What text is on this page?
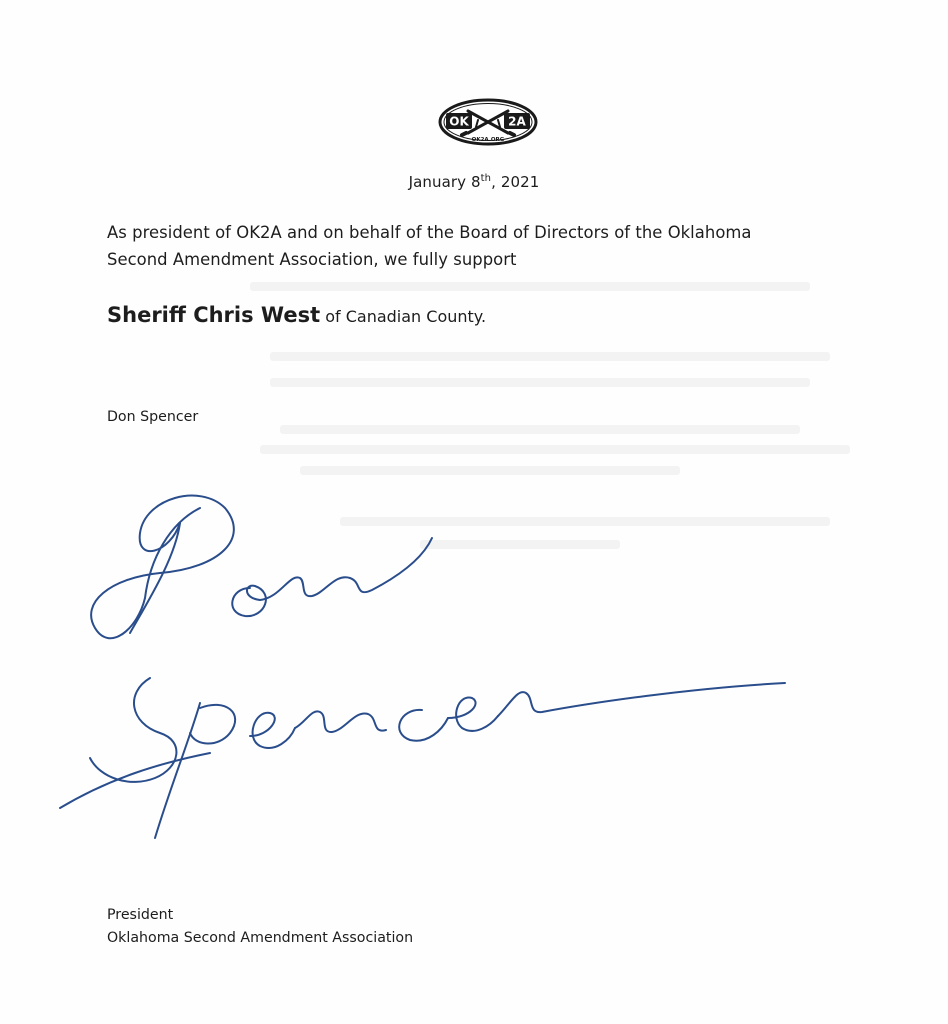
OK	2A
OK2A.ORG
January 8th, 2021

As president of OK2A and on behalf of the Board of Directors of the Oklahoma
Second Amendment Association, we fully support

Sheriff Chris West of Canadian County.

Don Spencer
President
Oklahoma Second Amendment Association
